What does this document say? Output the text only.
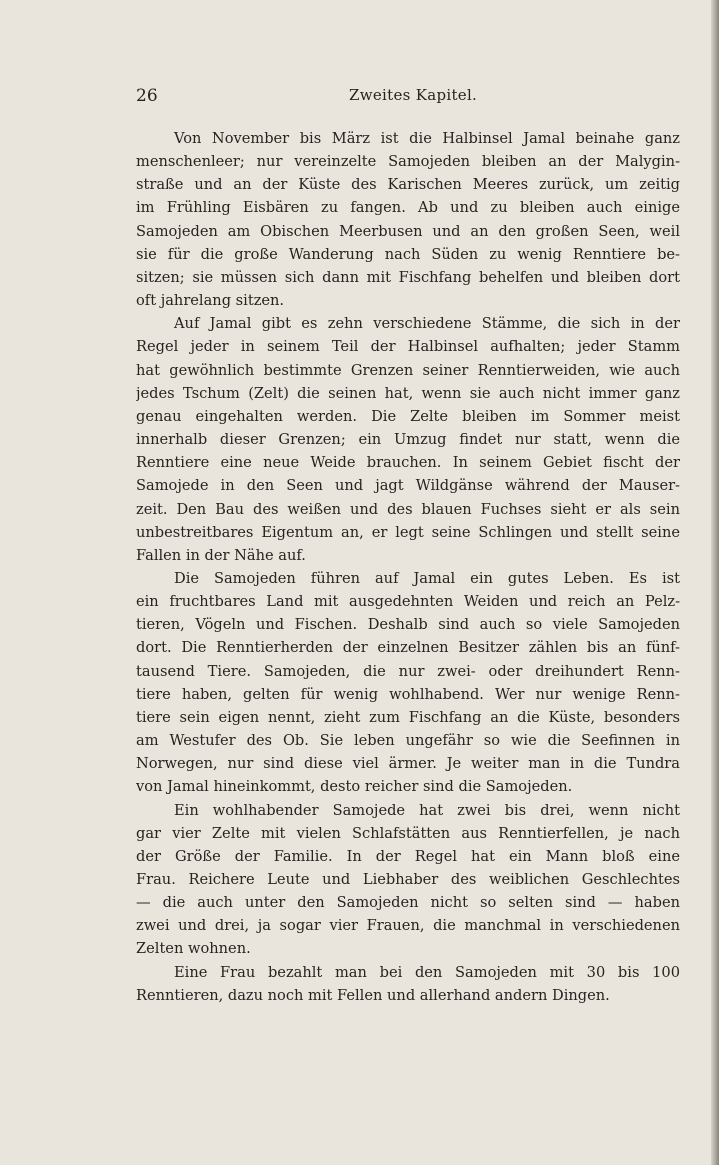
26	Zweites Kapitel.
Von November bis März ist die Halbinsel Jamal beinahe ganz
menschenleer; nur vereinzelte Samojeden bleiben an der Malygin-
straße und an der Küste des Karischen Meeres zurück, um zeitig
im Frühling Eisbären zu fangen. Ab und zu bleiben auch einige
Samojeden am Obischen Meerbusen und an den großen Seen, weil
sie für die große Wanderung nach Süden zu wenig Renntiere be-
sitzen; sie müssen sich dann mit Fischfang behelfen und bleiben dort
oft jahrelang sitzen.
Auf Jamal gibt es zehn verschiedene Stämme, die sich in der
Regel jeder in seinem Teil der Halbinsel aufhalten; jeder Stamm
hat gewöhnlich bestimmte Grenzen seiner Renntierweiden, wie auch
jedes Tschum (Zelt) die seinen hat, wenn sie auch nicht immer ganz
genau eingehalten werden. Die Zelte bleiben im Sommer meist
innerhalb dieser Grenzen; ein Umzug findet nur statt, wenn die
Renntiere eine neue Weide brauchen. In seinem Gebiet fischt der
Samojede in den Seen und jagt Wildgänse während der Mauser-
zeit. Den Bau des weißen und des blauen Fuchses sieht er als sein
unbestreitbares Eigentum an, er legt seine Schlingen und stellt seine
Fallen in der Nähe auf.
Die Samojeden führen auf Jamal ein gutes Leben. Es ist
ein fruchtbares Land mit ausgedehnten Weiden und reich an Pelz-
tieren, Vögeln und Fischen. Deshalb sind auch so viele Samojeden
dort. Die Renntierherden der einzelnen Besitzer zählen bis an fünf-
tausend Tiere. Samojeden, die nur zwei- oder dreihundert Renn-
tiere haben, gelten für wenig wohlhabend. Wer nur wenige Renn-
tiere sein eigen nennt, zieht zum Fischfang an die Küste, besonders
am Westufer des Ob. Sie leben ungefähr so wie die Seefinnen in
Norwegen, nur sind diese viel ärmer. Je weiter man in die Tundra
von Jamal hineinkommt, desto reicher sind die Samojeden.
Ein wohlhabender Samojede hat zwei bis drei, wenn nicht
gar vier Zelte mit vielen Schlafstätten aus Renntierfellen, je nach
der Größe der Familie. In der Regel hat ein Mann bloß eine
Frau. Reichere Leute und Liebhaber des weiblichen Geschlechtes
— die auch unter den Samojeden nicht so selten sind — haben
zwei und drei, ja sogar vier Frauen, die manchmal in verschiedenen
Zelten wohnen.
Eine Frau bezahlt man bei den Samojeden mit 30 bis 100
Renntieren, dazu noch mit Fellen und allerhand andern Dingen.
